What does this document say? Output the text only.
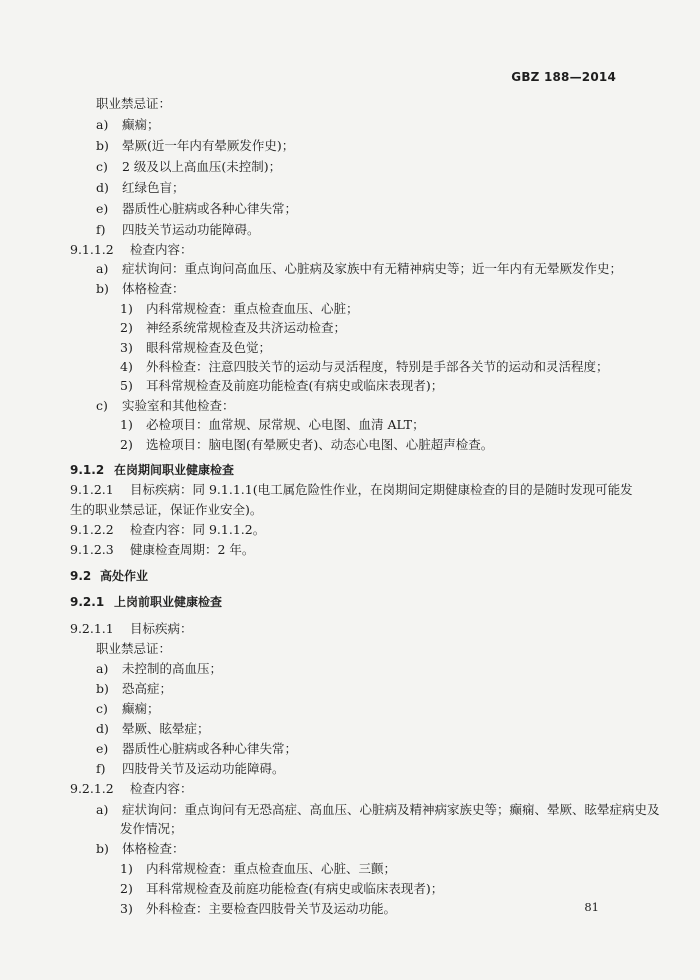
GBZ 188—2014
职业禁忌证：
a) 癫痫；
b) 晕厥(近一年内有晕厥发作史)；
c) 2 级及以上高血压(未控制)；
d) 红绿色盲；
e) 器质性心脏病或各种心律失常；
f) 四肢关节运动功能障碍。
9.1.1.2 检查内容：
a) 症状询问：重点询问高血压、心脏病及家族中有无精神病史等；近一年内有无晕厥发作史；
b) 体格检查：
1) 内科常规检查：重点检查血压、心脏；
2) 神经系统常规检查及共济运动检查；
3) 眼科常规检查及色觉；
4) 外科检查：注意四肢关节的运动与灵活程度，特别是手部各关节的运动和灵活程度；
5) 耳科常规检查及前庭功能检查(有病史或临床表现者)；
c) 实验室和其他检查：
1) 必检项目：血常规、尿常规、心电图、血清 ALT；
2) 选检项目：脑电图(有晕厥史者)、动态心电图、心脏超声检查。
9.1.2 在岗期间职业健康检查
9.1.2.1 目标疾病：同 9.1.1.1(电工属危险性作业，在岗期间定期健康检查的目的是随时发现可能发
生的职业禁忌证，保证作业安全)。
9.1.2.2 检查内容：同 9.1.1.2。
9.1.2.3 健康检查周期：2 年。
9.2 高处作业
9.2.1 上岗前职业健康检查
9.2.1.1 目标疾病：
职业禁忌证：
a) 未控制的高血压；
b) 恐高症；
c) 癫痫；
d) 晕厥、眩晕症；
e) 器质性心脏病或各种心律失常；
f) 四肢骨关节及运动功能障碍。
9.2.1.2 检查内容：
a) 症状询问：重点询问有无恐高症、高血压、心脏病及精神病家族史等；癫痫、晕厥、眩晕症病史及
发作情况；
b) 体格检查：
1) 内科常规检查：重点检查血压、心脏、三颤；
2) 耳科常规检查及前庭功能检查(有病史或临床表现者)；
3) 外科检查：主要检查四肢骨关节及运动功能。	81
